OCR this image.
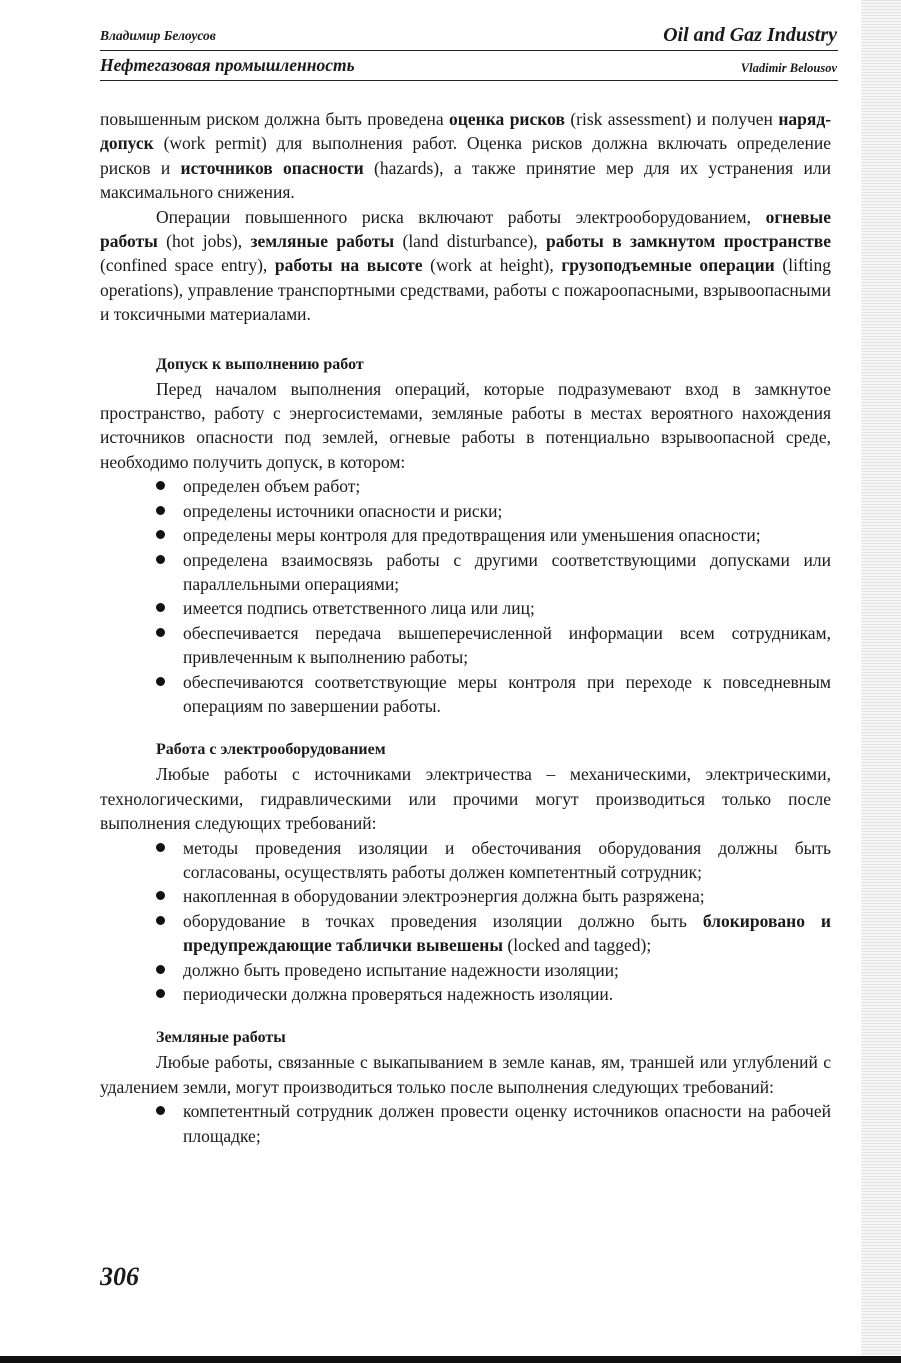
Владимир Белоусов	Oil and Gaz Industry
Нефтегазовая промышленность	Vladimir Belousov

повышенным риском должна быть проведена оценка рисков (risk assessment) и получен наряд-допуск (work permit) для выполнения работ. Оценка рисков должна включать определение рисков и источников опасности (hazards), а также принятие мер для их устранения или максимального снижения.

Операции повышенного риска включают работы электрооборудованием, огневые работы (hot jobs), земляные работы (land disturbance), работы в замкнутом пространстве (confined space entry), работы на высоте (work at height), грузоподъемные операции (lifting operations), управление транспортными средствами, работы с пожароопасными, взрывоопасными и токсичными материалами.

Допуск к выполнению работ

Перед началом выполнения операций, которые подразумевают вход в замкнутое пространство, работу с энергосистемами, земляные работы в местах вероятного нахождения источников опасности под землей, огневые работы в потенциально взрывоопасной среде, необходимо получить допуск, в котором:

определен объем работ;
определены источники опасности и риски;
определены меры контроля для предотвращения или уменьшения опасности;
определена взаимосвязь работы с другими соответствующими допусками или параллельными операциями;
имеется подпись ответственного лица или лиц;
обеспечивается передача вышеперечисленной информации всем сотрудникам, привлеченным к выполнению работы;
обеспечиваются соответствующие меры контроля при переходе к повседневным операциям по завершении работы.
Работа с электрооборудованием

Любые работы с источниками электричества – механическими, электрическими, технологическими, гидравлическими или прочими могут производиться только после выполнения следующих требований:

методы проведения изоляции и обесточивания оборудования должны быть согласованы, осуществлять работы должен компетентный сотрудник;
накопленная в оборудовании электроэнергия должна быть разряжена;
оборудование в точках проведения изоляции должно быть блокировано и предупреждающие таблички вывешены (locked and tagged);
должно быть проведено испытание надежности изоляции;
периодически должна проверяться надежность изоляции.
Земляные работы

Любые работы, связанные с выкапыванием в земле канав, ям, траншей или углублений с удалением земли, могут производиться только после выполнения следующих требований:

компетентный сотрудник должен провести оценку источников опасности на рабочей площадке;
306
